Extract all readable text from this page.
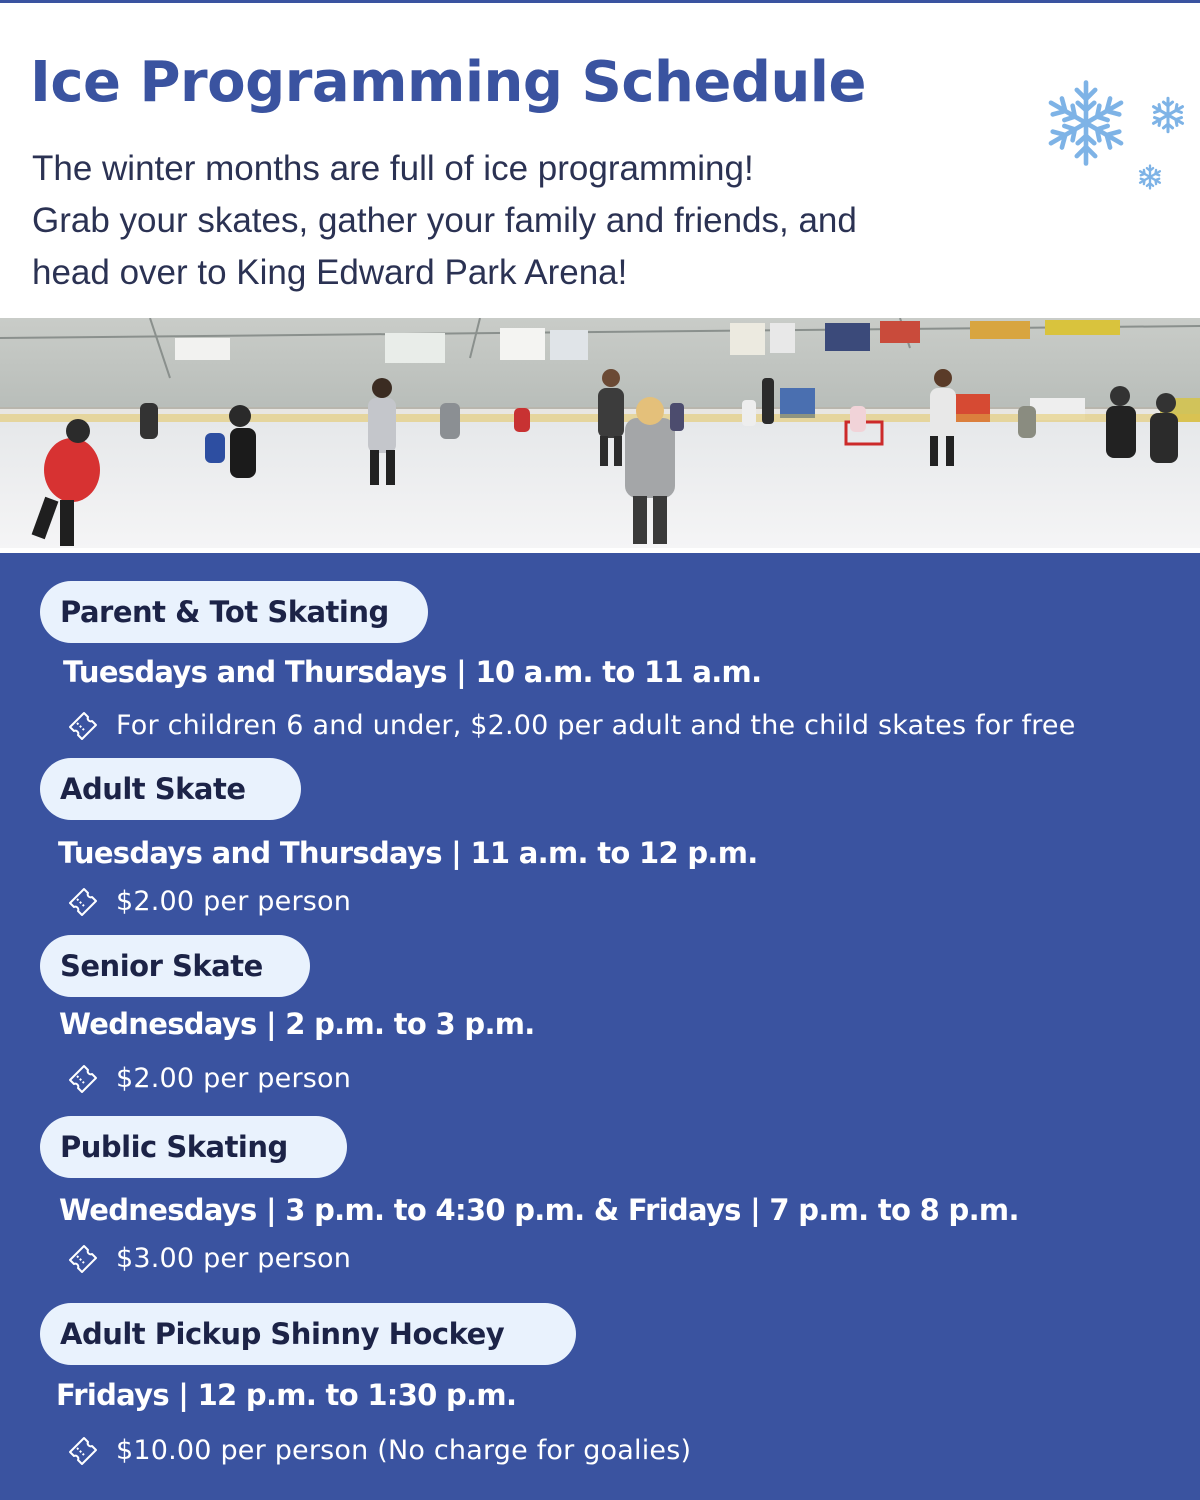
Ice Programming Schedule
The winter months are full of ice programming!
Grab your skates, gather your family and friends, and
head over to King Edward Park Arena!
Parent & Tot Skating
Tuesdays and Thursdays | 10 a.m. to 11 a.m.
For children 6 and under, $2.00 per adult and the child skates for free
Adult Skate
Tuesdays and Thursdays | 11 a.m. to 12 p.m.
$2.00 per person
Senior Skate
Wednesdays | 2 p.m. to 3 p.m.
$2.00 per person
Public Skating
Wednesdays | 3 p.m. to 4:30 p.m. & Fridays | 7 p.m. to 8 p.m.
$3.00 per person
Adult Pickup Shinny Hockey
Fridays | 12 p.m. to 1:30 p.m.
$10.00 per person (No charge for goalies)
